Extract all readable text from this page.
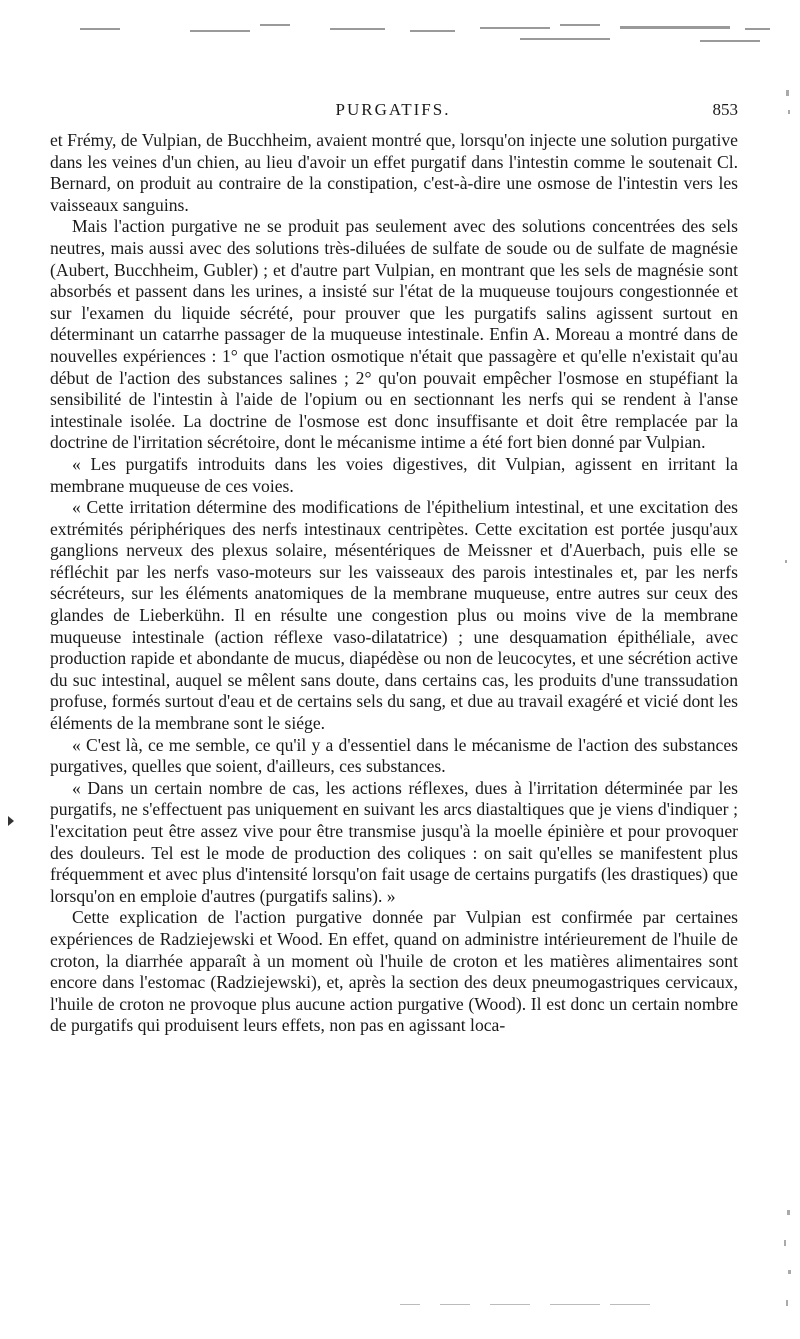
PURGATIFS.	853

et Frémy, de Vulpian, de Bucchheim, avaient montré que, lorsqu'on injecte une solution purgative dans les veines d'un chien, au lieu d'avoir un effet purgatif dans l'intestin comme le soutenait Cl. Bernard, on produit au contraire de la constipation, c'est-à-dire une osmose de l'intestin vers les vaisseaux sanguins.

Mais l'action purgative ne se produit pas seulement avec des solutions concentrées des sels neutres, mais aussi avec des solutions très-diluées de sulfate de soude ou de sulfate de magnésie (Aubert, Bucchheim, Gubler) ; et d'autre part Vulpian, en montrant que les sels de magnésie sont absorbés et passent dans les urines, a insisté sur l'état de la muqueuse toujours congestionnée et sur l'examen du liquide sécrété, pour prouver que les purgatifs salins agissent surtout en déterminant un catarrhe passager de la muqueuse intestinale. Enfin A. Moreau a montré dans de nouvelles expériences : 1° que l'action osmotique n'était que passagère et qu'elle n'existait qu'au début de l'action des substances salines ; 2° qu'on pouvait empêcher l'osmose en stupéfiant la sensibilité de l'intestin à l'aide de l'opium ou en sectionnant les nerfs qui se rendent à l'anse intestinale isolée. La doctrine de l'osmose est donc insuffisante et doit être remplacée par la doctrine de l'irritation sécrétoire, dont le mécanisme intime a été fort bien donné par Vulpian.

« Les purgatifs introduits dans les voies digestives, dit Vulpian, agissent en irritant la membrane muqueuse de ces voies.

« Cette irritation détermine des modifications de l'épithelium intestinal, et une excitation des extrémités périphériques des nerfs intestinaux centripètes. Cette excitation est portée jusqu'aux ganglions nerveux des plexus solaire, mésentériques de Meissner et d'Auerbach, puis elle se réfléchit par les nerfs vaso-moteurs sur les vaisseaux des parois intestinales et, par les nerfs sécréteurs, sur les éléments anatomiques de la membrane muqueuse, entre autres sur ceux des glandes de Lieberkühn. Il en résulte une congestion plus ou moins vive de la membrane muqueuse intestinale (action réflexe vaso-dilatatrice) ; une desquamation épithéliale, avec production rapide et abondante de mucus, diapédèse ou non de leucocytes, et une sécrétion active du suc intestinal, auquel se mêlent sans doute, dans certains cas, les produits d'une transsudation profuse, formés surtout d'eau et de certains sels du sang, et due au travail exagéré et vicié dont les éléments de la membrane sont le siége.

« C'est là, ce me semble, ce qu'il y a d'essentiel dans le mécanisme de l'action des substances purgatives, quelles que soient, d'ailleurs, ces substances.

« Dans un certain nombre de cas, les actions réflexes, dues à l'irritation déterminée par les purgatifs, ne s'effectuent pas uniquement en suivant les arcs diastaltiques que je viens d'indiquer ; l'excitation peut être assez vive pour être transmise jusqu'à la moelle épinière et pour provoquer des douleurs. Tel est le mode de production des coliques : on sait qu'elles se manifestent plus fréquemment et avec plus d'intensité lorsqu'on fait usage de certains purgatifs (les drastiques) que lorsqu'on en emploie d'autres (purgatifs salins). »

Cette explication de l'action purgative donnée par Vulpian est confirmée par certaines expériences de Radziejewski et Wood. En effet, quand on administre intérieurement de l'huile de croton, la diarrhée apparaît à un moment où l'huile de croton et les matières alimentaires sont encore dans l'estomac (Radziejewski), et, après la section des deux pneumogastriques cervicaux, l'huile de croton ne provoque plus aucune action purgative (Wood). Il est donc un certain nombre de purgatifs qui produisent leurs effets, non pas en agissant loca-
